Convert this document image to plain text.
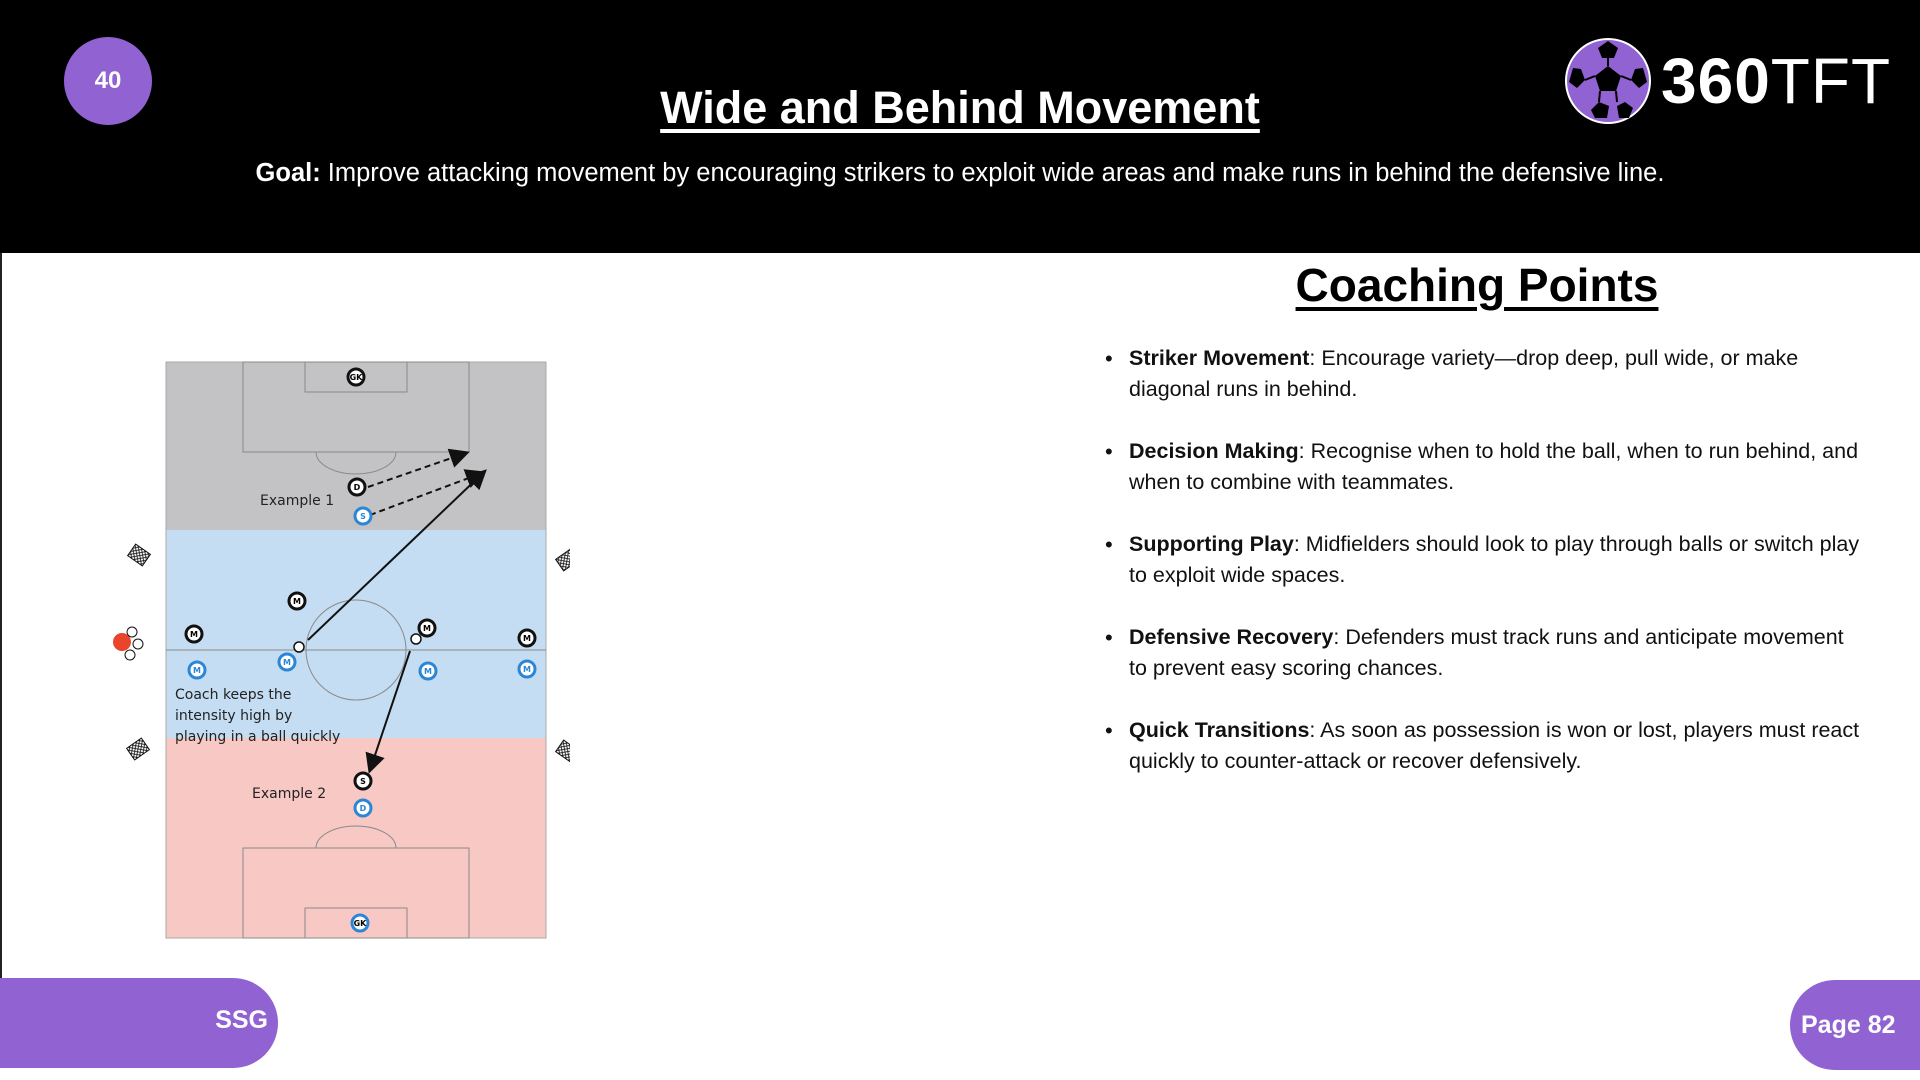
40
Wide and Behind Movement
Goal: Improve attacking movement by encouraging strikers to exploit wide areas and make runs in behind the defensive line.
360TFT
GK
D
S
M
M
M
M
M
M
M	M
S
D
GK
Example 1
Example 2
Coach keeps the
intensity high by
playing in a ball quickly
Coaching Points
• Striker Movement: Encourage variety—drop deep, pull wide, or make diagonal runs in behind.
• Decision Making: Recognise when to hold the ball, when to run behind, and when to combine with teammates.
• Supporting Play: Midfielders should look to play through balls or switch play to exploit wide spaces.
• Defensive Recovery: Defenders must track runs and anticipate movement to prevent easy scoring chances.
• Quick Transitions: As soon as possession is won or lost, players must react quickly to counter-attack or recover defensively.
SSG	Page 82
